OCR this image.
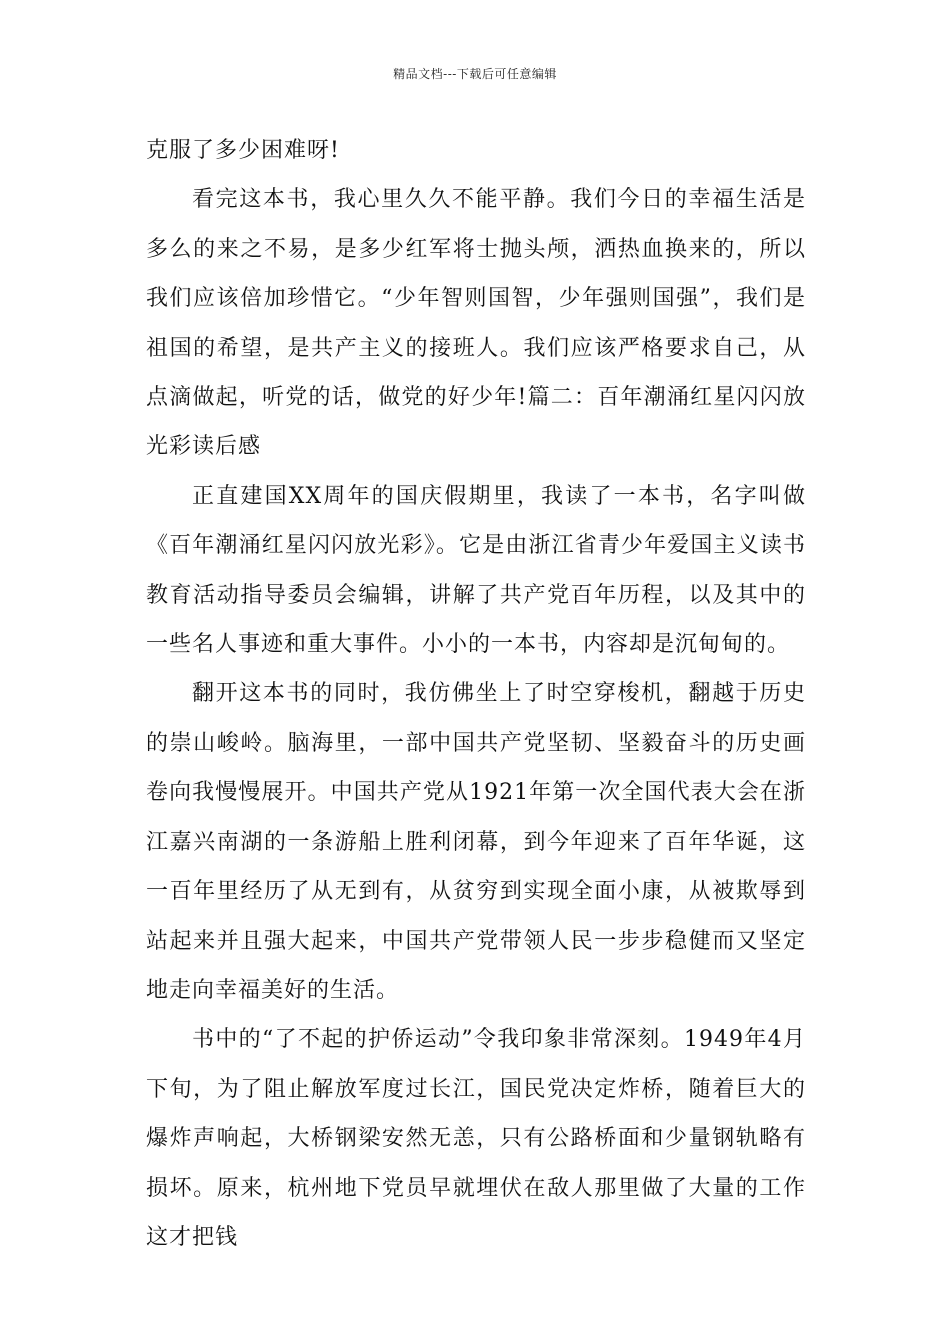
精品文档---下载后可任意编辑

克服了多少困难呀!

看完这本书，我心里久久不能平静。我们今日的幸福生活是多么的来之不易，是多少红军将士抛头颅，洒热血换来的，所以我们应该倍加珍惜它。“少年智则国智，少年强则国强”，我们是祖国的希望，是共产主义的接班人。我们应该严格要求自己，从点滴做起，听党的话，做党的好少年!篇二：百年潮涌红星闪闪放光彩读后感

正直建国XX周年的国庆假期里，我读了一本书，名字叫做《百年潮涌红星闪闪放光彩》。它是由浙江省青少年爱国主义读书教育活动指导委员会编辑，讲解了共产党百年历程，以及其中的一些名人事迹和重大事件。小小的一本书，内容却是沉甸甸的。

翻开这本书的同时，我仿佛坐上了时空穿梭机，翻越于历史的崇山峻岭。脑海里，一部中国共产党坚韧、坚毅奋斗的历史画卷向我慢慢展开。中国共产党从1921年第一次全国代表大会在浙江嘉兴南湖的一条游船上胜利闭幕，到今年迎来了百年华诞，这一百年里经历了从无到有，从贫穷到实现全面小康，从被欺辱到站起来并且强大起来，中国共产党带领人民一步步稳健而又坚定地走向幸福美好的生活。

书中的“了不起的护侨运动”令我印象非常深刻。1949年4月下旬，为了阻止解放军度过长江，国民党决定炸桥，随着巨大的爆炸声响起，大桥钢梁安然无恙，只有公路桥面和少量钢轨略有损坏。原来，杭州地下党员早就埋伏在敌人那里做了大量的工作这才把钱
